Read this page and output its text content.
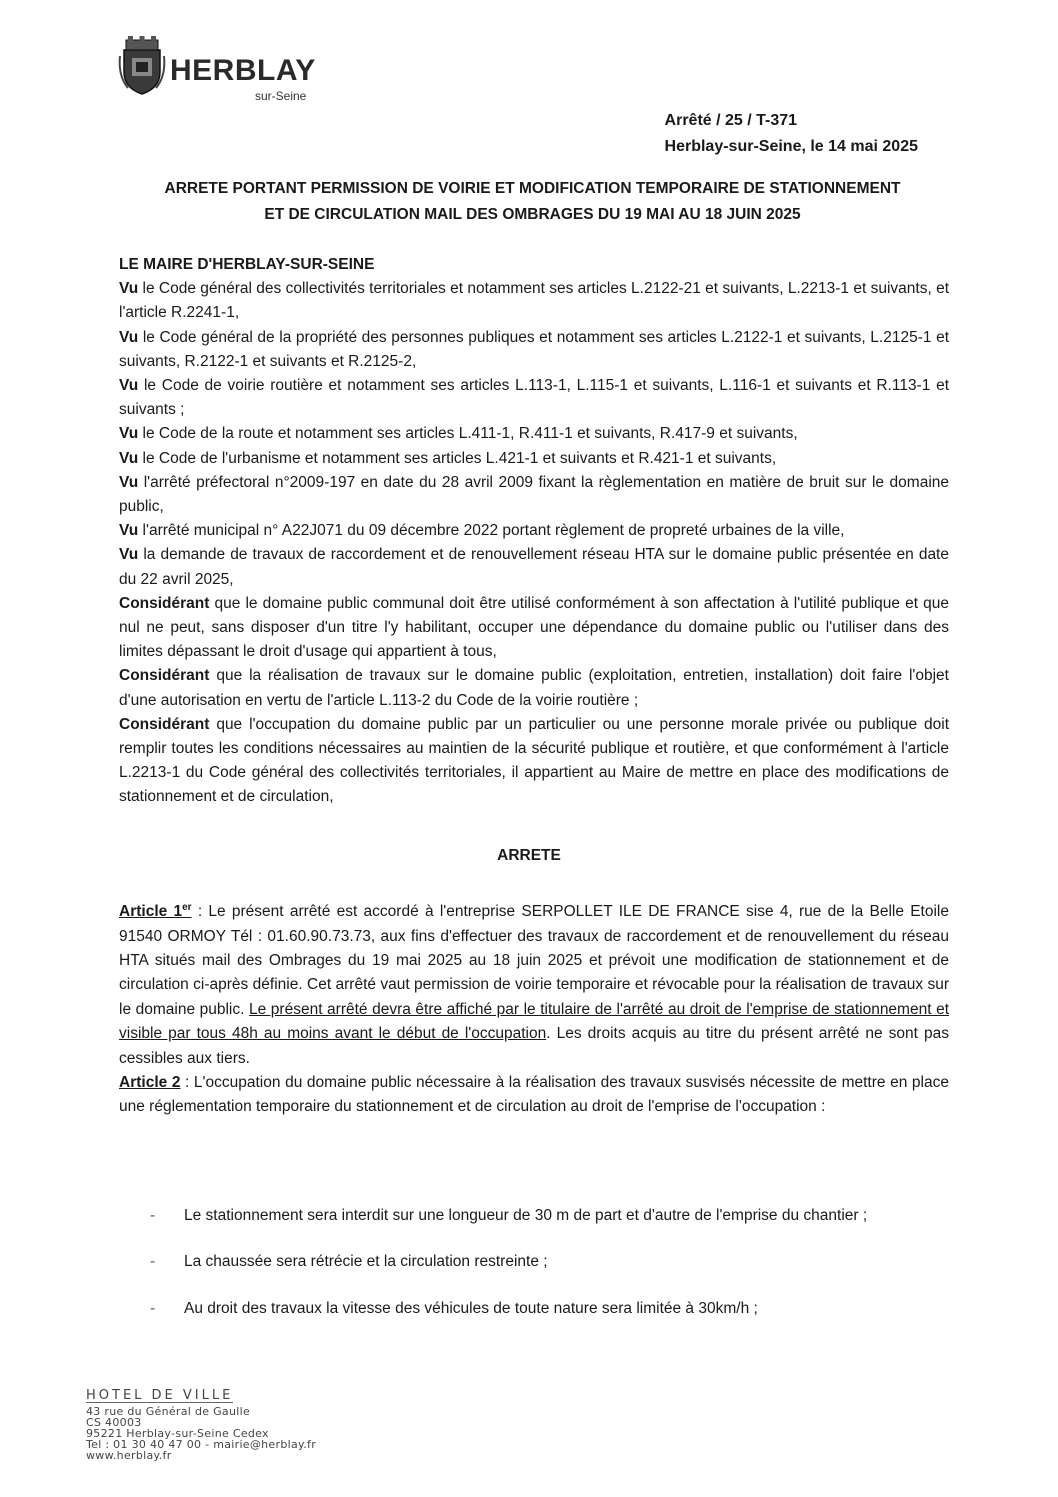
HERBLAY
sur-Seine
Arrêté / 25 / T-371
Herblay-sur-Seine, le 14 mai 2025
ARRETE PORTANT PERMISSION DE VOIRIE ET MODIFICATION TEMPORAIRE DE STATIONNEMENT
ET DE CIRCULATION MAIL DES OMBRAGES DU 19 MAI AU 18 JUIN 2025

LE MAIRE D'HERBLAY-SUR-SEINE

Vu le Code général des collectivités territoriales et notamment ses articles L.2122-21 et suivants, L.2213-1 et suivants, et l'article R.2241-1,

Vu le Code général de la propriété des personnes publiques et notamment ses articles L.2122-1 et suivants, L.2125-1 et suivants, R.2122-1 et suivants et R.2125-2,

Vu le Code de voirie routière et notamment ses articles L.113-1, L.115-1 et suivants, L.116-1 et suivants et R.113-1 et suivants ;

Vu le Code de la route et notamment ses articles L.411-1, R.411-1 et suivants, R.417-9 et suivants,

Vu le Code de l'urbanisme et notamment ses articles L.421-1 et suivants et R.421-1 et suivants,

Vu l'arrêté préfectoral n°2009-197 en date du 28 avril 2009 fixant la règlementation en matière de bruit sur le domaine public,

Vu l'arrêté municipal n° A22J071 du 09 décembre 2022 portant règlement de propreté urbaines de la ville,

Vu la demande de travaux de raccordement et de renouvellement réseau HTA sur le domaine public présentée en date du 22 avril 2025,

Considérant que le domaine public communal doit être utilisé conformément à son affectation à l'utilité publique et que nul ne peut, sans disposer d'un titre l'y habilitant, occuper une dépendance du domaine public ou l'utiliser dans des limites dépassant le droit d'usage qui appartient à tous,

Considérant que la réalisation de travaux sur le domaine public (exploitation, entretien, installation) doit faire l'objet d'une autorisation en vertu de l'article L.113-2 du Code de la voirie routière ;

Considérant que l'occupation du domaine public par un particulier ou une personne morale privée ou publique doit remplir toutes les conditions nécessaires au maintien de la sécurité publique et routière, et que conformément à l'article L.2213-1 du Code général des collectivités territoriales, il appartient au Maire de mettre en place des modifications de stationnement et de circulation,

ARRETE

Article 1er : Le présent arrêté est accordé à l'entreprise SERPOLLET ILE DE FRANCE sise 4, rue de la Belle Etoile 91540 ORMOY Tél : 01.60.90.73.73, aux fins d'effectuer des travaux de raccordement et de renouvellement du réseau HTA situés mail des Ombrages du 19 mai 2025 au 18 juin 2025 et prévoit une modification de stationnement et de circulation ci-après définie. Cet arrêté vaut permission de voirie temporaire et révocable pour la réalisation de travaux sur le domaine public. Le présent arrêté devra être affiché par le titulaire de l'arrêté au droit de l'emprise de stationnement et visible par tous 48h au moins avant le début de l'occupation. Les droits acquis au titre du présent arrêté ne sont pas cessibles aux tiers.

Article 2 : L'occupation du domaine public nécessaire à la réalisation des travaux susvisés nécessite de mettre en place une réglementation temporaire du stationnement et de circulation au droit de l'emprise de l'occupation :

- Le stationnement sera interdit sur une longueur de 30 m de part et d'autre de l'emprise du chantier ;
- La chaussée sera rétrécie et la circulation restreinte ;
- Au droit des travaux la vitesse des véhicules de toute nature sera limitée à 30km/h ;
HOTEL DE VILLE
43 rue du Général de Gaulle
CS 40003
95221 Herblay-sur-Seine Cedex
Tel : 01 30 40 47 00 - mairie@herblay.fr
www.herblay.fr
